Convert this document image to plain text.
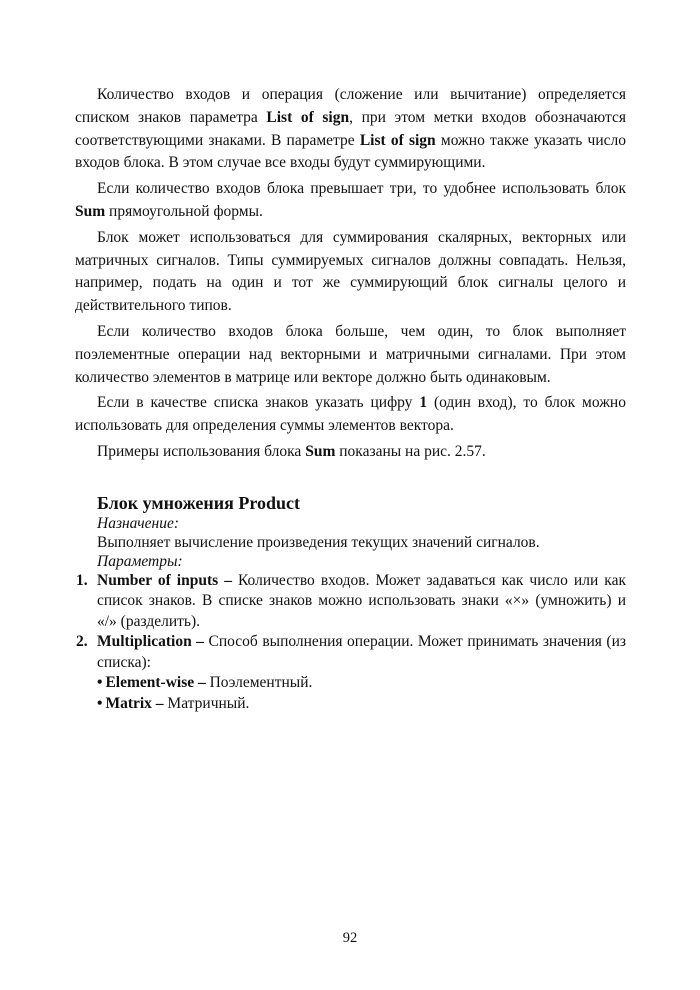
Количество входов и операция (сложение или вычитание) определяется списком знаков параметра List of sign, при этом метки входов обозначаются соответствующими знаками. В параметре List of sign можно также указать число входов блока. В этом случае все входы будут суммирующими.

Если количество входов блока превышает три, то удобнее использовать блок Sum прямоугольной формы.

Блок может использоваться для суммирования скалярных, векторных или матричных сигналов. Типы суммируемых сигналов должны совпадать. Нельзя, например, подать на один и тот же суммирующий блок сигналы целого и действительного типов.

Если количество входов блока больше, чем один, то блок выполняет поэлементные операции над векторными и матричными сигналами. При этом количество элементов в матрице или векторе должно быть одинаковым.

Если в качестве списка знаков указать цифру 1 (один вход), то блок можно использовать для определения суммы элементов вектора.

Примеры использования блока Sum показаны на рис. 2.57.

Блок умножения Product
Назначение:
Выполняет вычисление произведения текущих значений сигналов.
Параметры:
1. Number of inputs – Количество входов. Может задаваться как число или как список знаков. В списке знаков можно использовать знаки «×» (умножить) и «/» (разделить).
2. Multiplication – Способ выполнения операции. Может принимать значения (из списка):
• Element-wise – Поэлементный.
• Matrix – Матричный.
92
